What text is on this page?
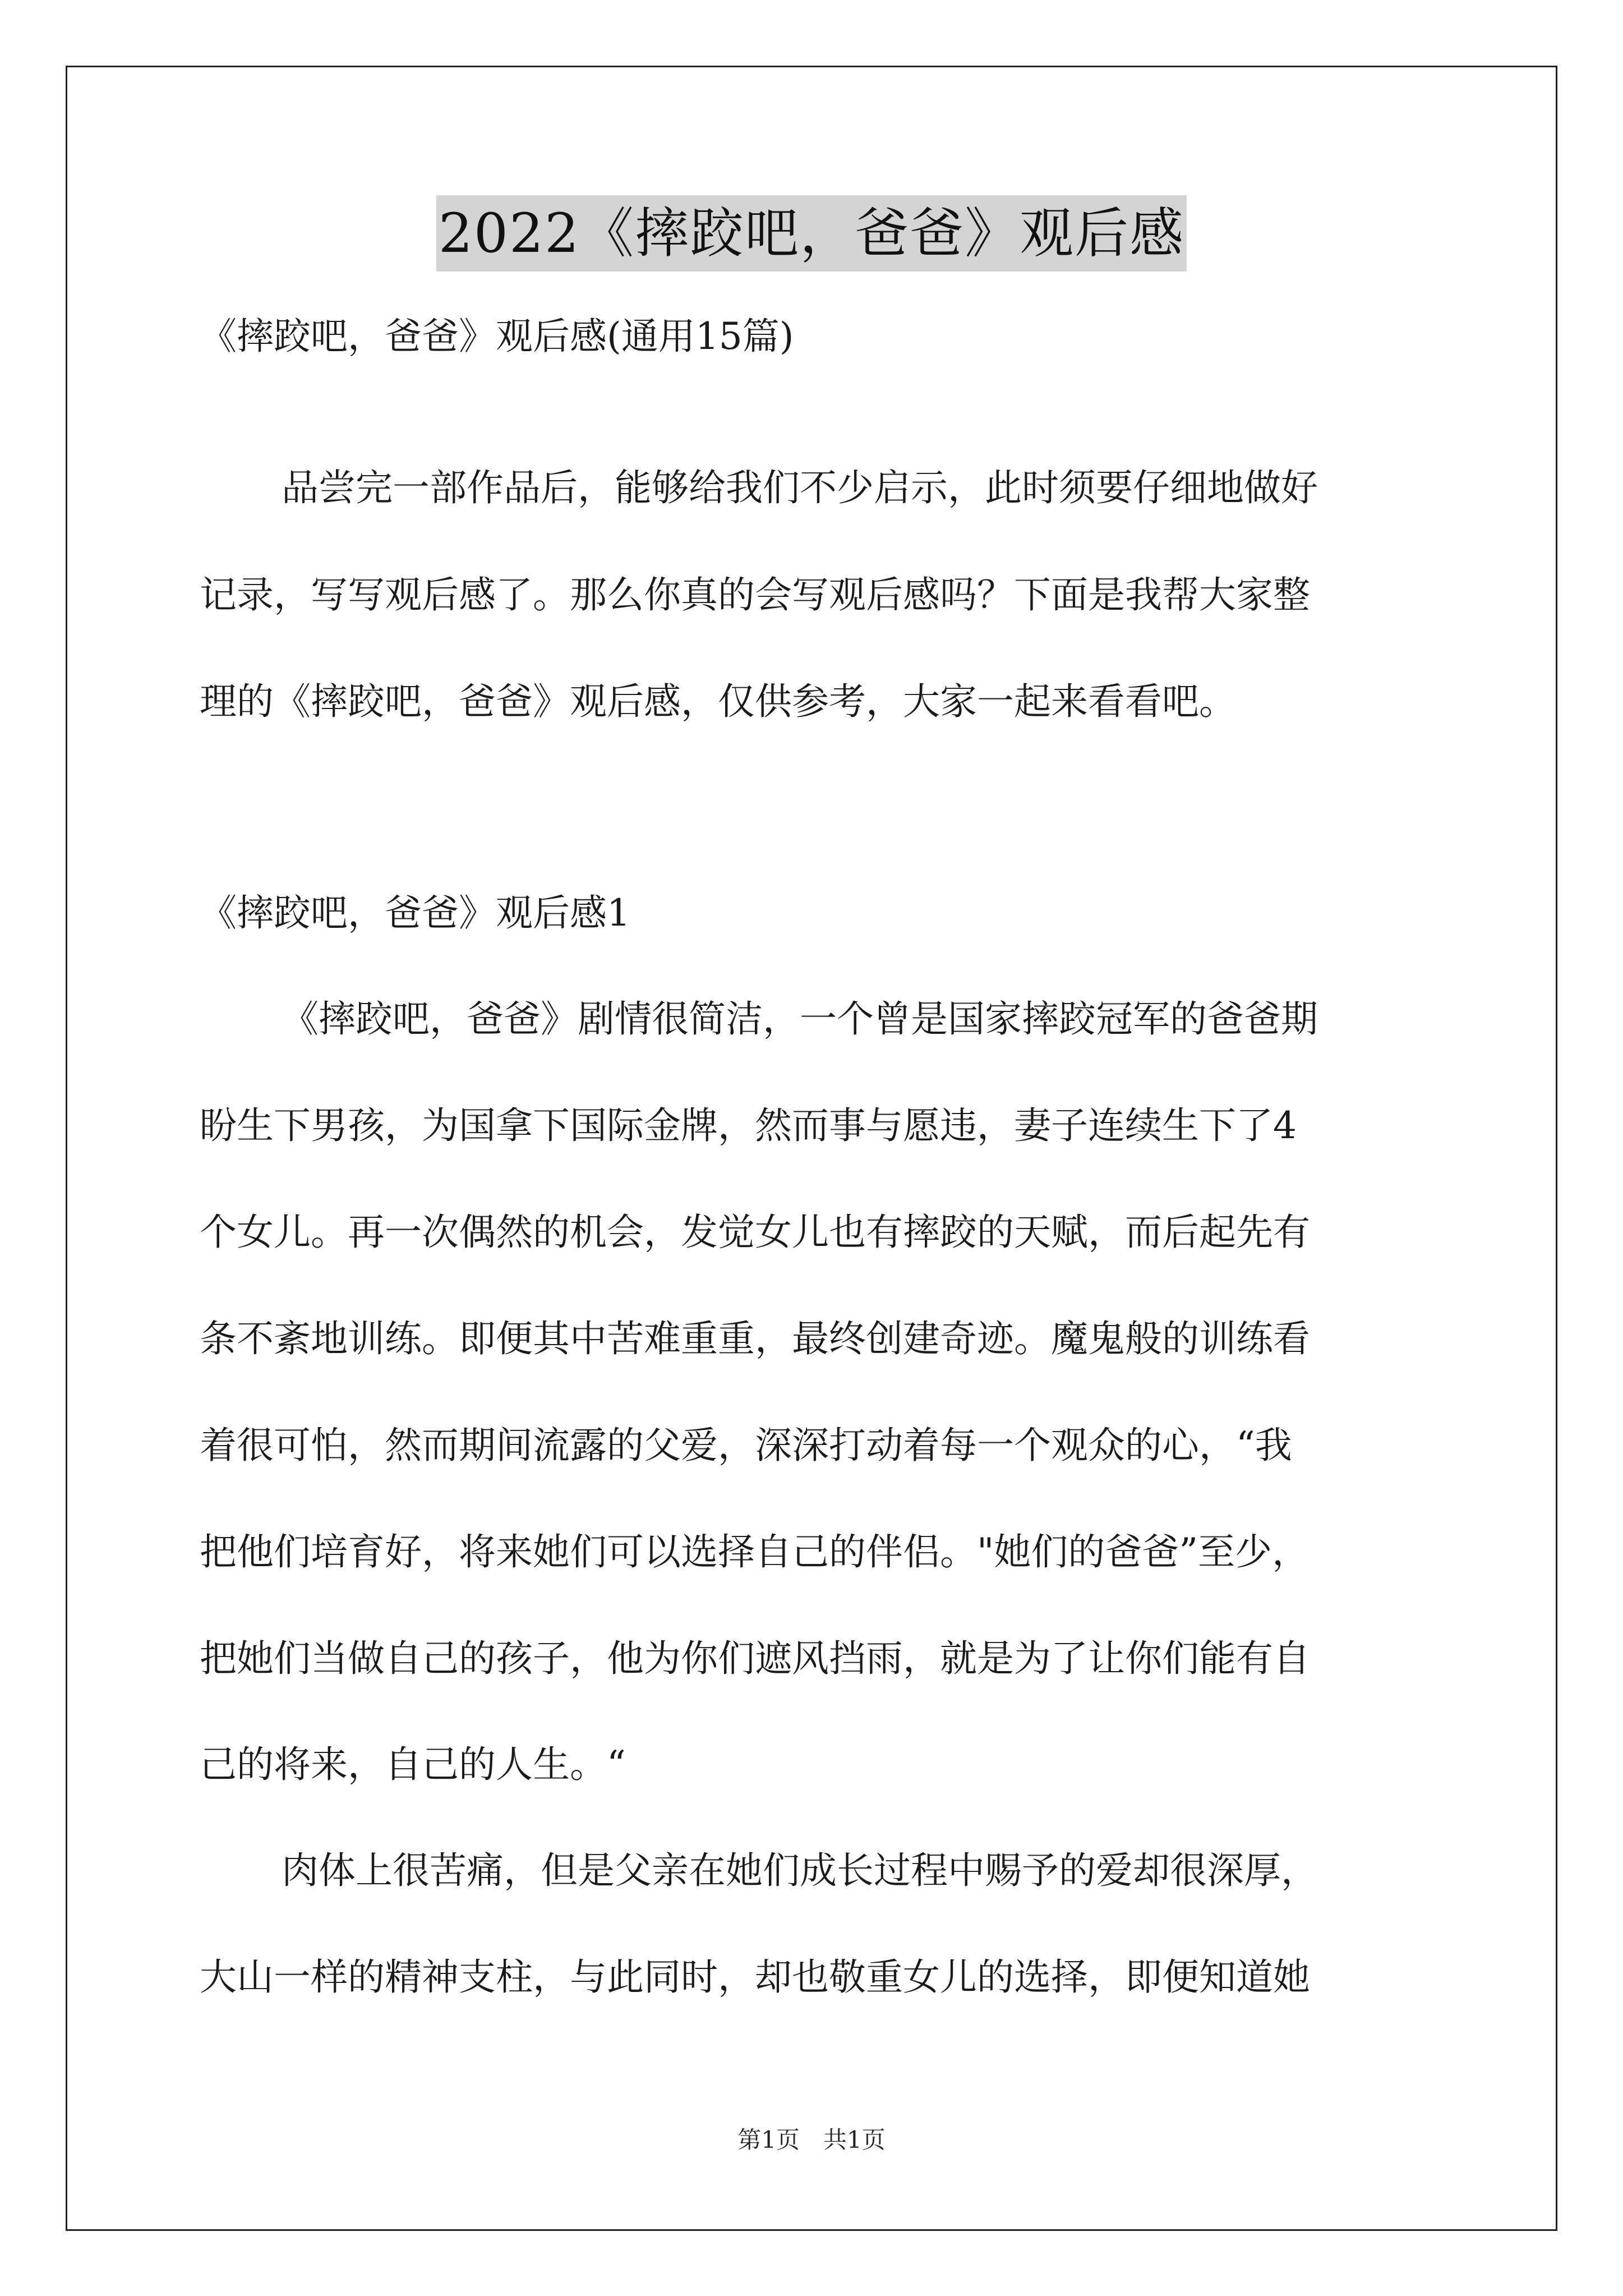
2022《摔跤吧，爸爸》观后感
《摔跤吧，爸爸》观后感(通用15篇)
品尝完一部作品后，能够给我们不少启示，此时须要仔细地做好
记录，写写观后感了。那么你真的会写观后感吗？下面是我帮大家整
理的《摔跤吧，爸爸》观后感，仅供参考，大家一起来看看吧。
《摔跤吧，爸爸》观后感1
《摔跤吧，爸爸》剧情很简洁，一个曾是国家摔跤冠军的爸爸期
盼生下男孩，为国拿下国际金牌，然而事与愿违，妻子连续生下了4
个女儿。再一次偶然的机会，发觉女儿也有摔跤的天赋，而后起先有
条不紊地训练。即便其中苦难重重，最终创建奇迹。魔鬼般的训练看
着很可怕，然而期间流露的父爱，深深打动着每一个观众的心，“我
把他们培育好，将来她们可以选择自己的伴侣。"她们的爸爸”至少，
把她们当做自己的孩子，他为你们遮风挡雨，就是为了让你们能有自
己的将来，自己的人生。“
肉体上很苦痛，但是父亲在她们成长过程中赐予的爱却很深厚，
大山一样的精神支柱，与此同时，却也敬重女儿的选择，即便知道她
第1页　共1页
